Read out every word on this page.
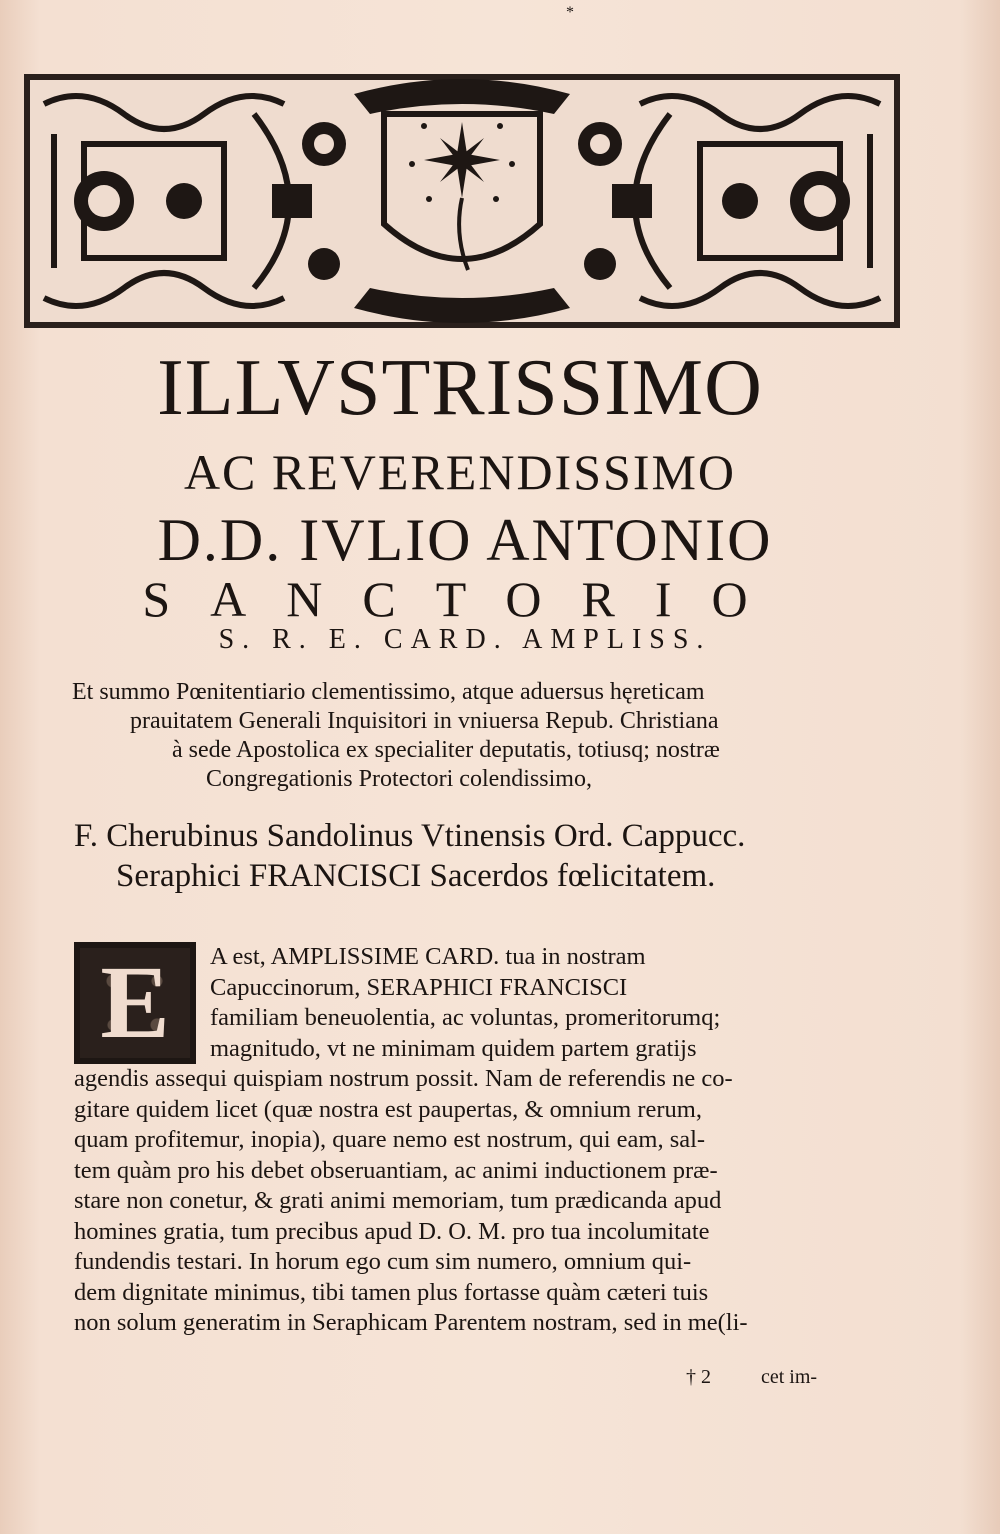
*

ILLVSTRISSIMO
AC REVERENDISSIMO
D.D. IVLIO ANTONIO
SANCTORIO
S. R. E. CARD. AMPLISS.

Et summo Pœnitentiario clementissimo, atque aduersus hęreticam

prauitatem Generali Inquisitori in vniuersa Repub. Christiana

à sede Apostolica ex specialiter deputatis, totiusq; nostræ

Congregationis Protectori colendissimo,

F. Cherubinus Sandolinus Vtinensis Ord. Cappucc.

Seraphici FRANCISCI Sacerdos fœlicitatem.

A est, AMPLISSIME CARD. tua in nostram

Capuccinorum, SERAPHICI FRANCISCI

familiam beneuolentia, ac voluntas, promeritorumq;

magnitudo, vt ne minimam quidem partem gratijs

agendis assequi quispiam nostrum possit. Nam de referendis ne co-

gitare quidem licet (quæ nostra est paupertas, & omnium rerum,

quam profitemur, inopia), quare nemo est nostrum, qui eam, sal-

tem quàm pro his debet obseruantiam, ac animi inductionem præ-

stare non conetur, & grati animi memoriam, tum prædicanda apud

homines gratia, tum precibus apud D. O. M. pro tua incolumitate

fundendis testari. In horum ego cum sim numero, omnium qui-

dem dignitate minimus, tibi tamen plus fortasse quàm cæteri tuis

non solum generatim in Seraphicam Parentem nostram, sed in me(li-

E
† 2	cet im-
